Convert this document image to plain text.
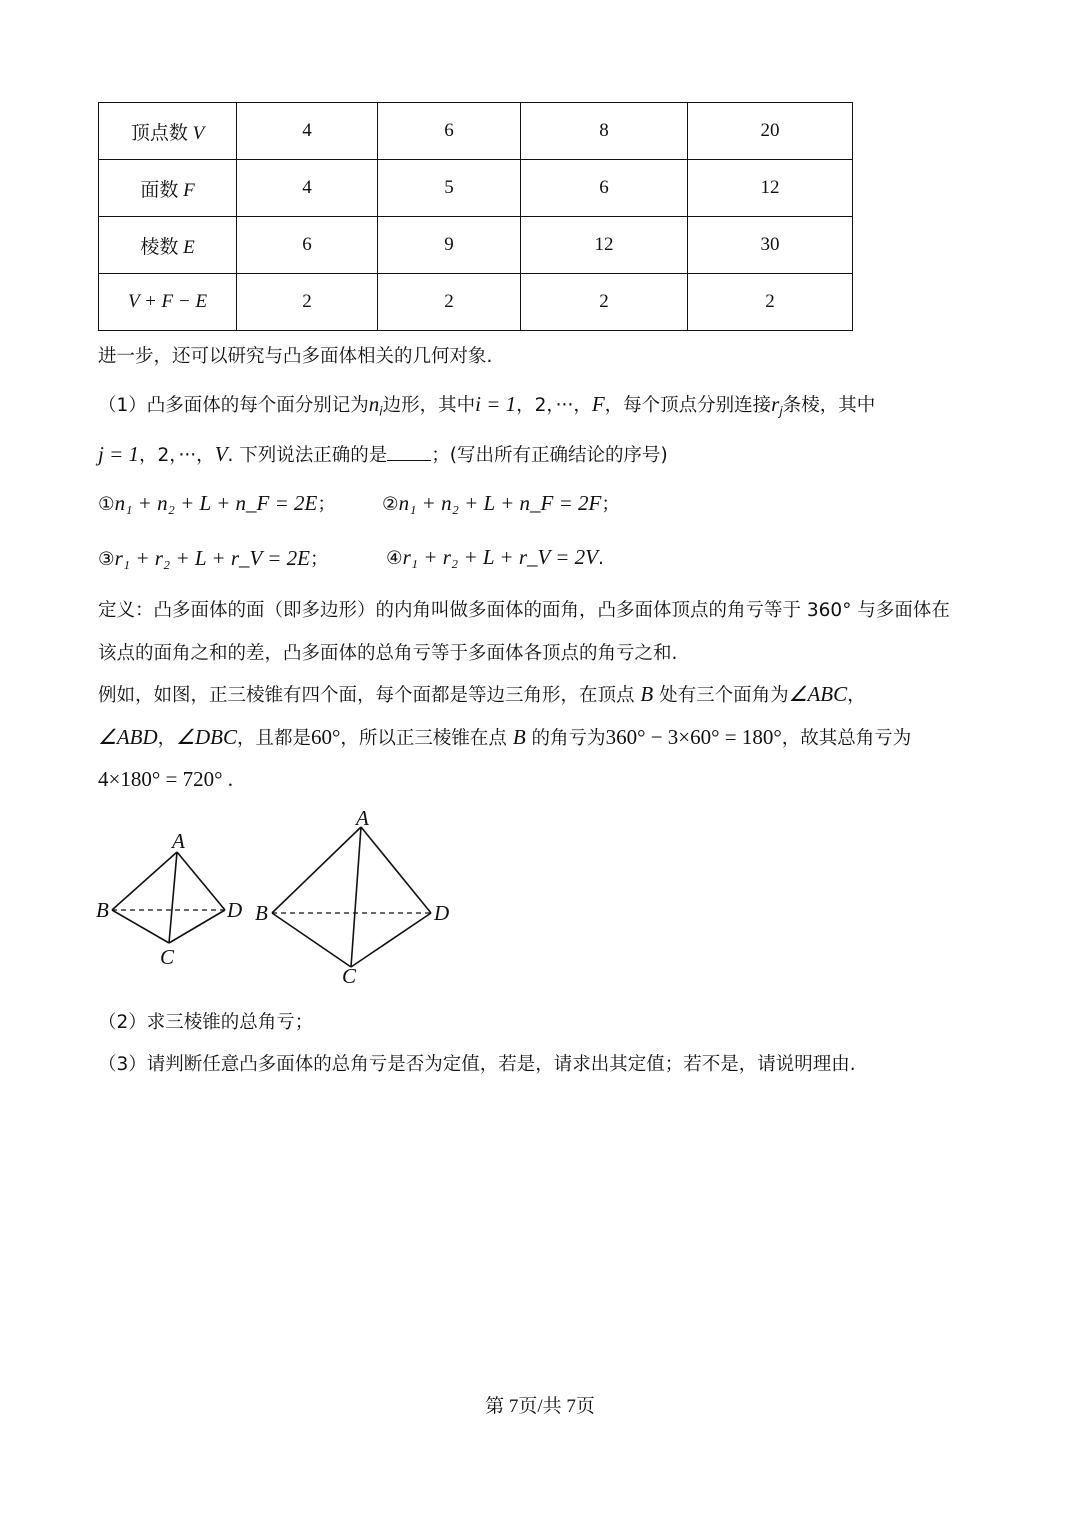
顶点数 V	4	6	8	20
面数 F	4	5	6	12
棱数 E	6	9	12	30
V + F − E	2	2	2	2
进一步，还可以研究与凸多面体相关的几何对象.
（1）凸多面体的每个面分别记为$n_i$边形，其中i = 1，2，···，F，每个顶点分别连接$r_j$条棱，其中
j = 1，2，···，V. 下列说法正确的是 ；(写出所有正确结论的序号)
①n₁ + n₂ + L + n_F = 2E； ②n₁ + n₂ + L + n_F = 2F；
③r₁ + r₂ + L + r_V = 2E；	④r₁ + r₂ + L + r_V = 2V.
定义：凸多面体的面（即多边形）的内角叫做多面体的面角，凸多面体顶点的角亏等于 360° 与多面体在
该点的面角之和的差，凸多面体的总角亏等于多面体各顶点的角亏之和.
例如，如图，正三棱锥有四个面，每个面都是等边三角形，在顶点 B 处有三个面角为∠ABC，
∠ABD，∠DBC，且都是60°，所以正三棱锥在点 B 的角亏为360° − 3×60° = 180°，故其总角亏为
4×180° = 720° .
A
B
C
D
A
B
C
D
（2）求三棱锥的总角亏；
（3）请判断任意凸多面体的总角亏是否为定值，若是，请求出其定值；若不是，请说明理由.
第 7页/共 7页
